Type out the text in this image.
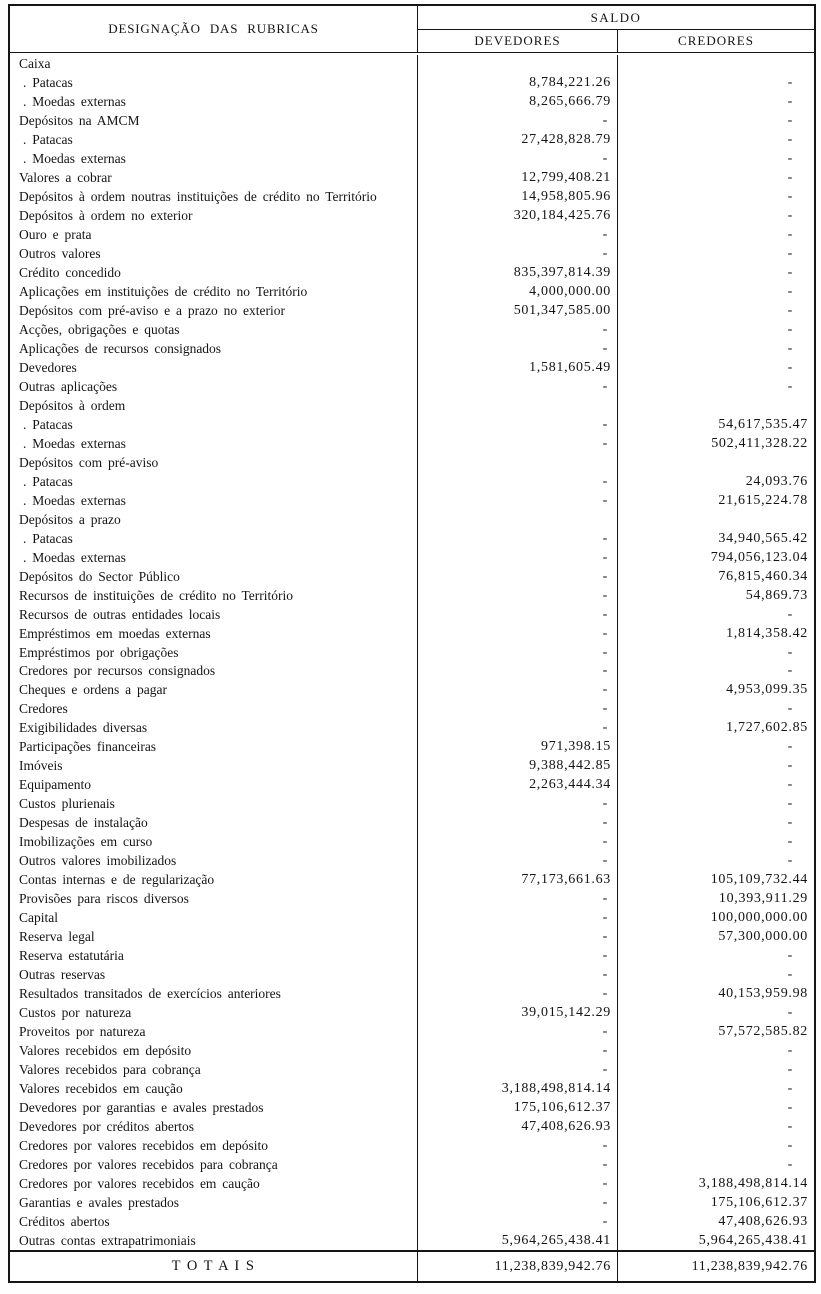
DESIGNAÇÃO DAS RUBRICAS
SALDO
DEVEDORES	CREDORES
Caixa
. Patacas	8,784,221.26	-
. Moedas externas	8,265,666.79	-
Depósitos na AMCM	-	-
. Patacas	27,428,828.79	-
. Moedas externas	-	-
Valores a cobrar	12,799,408.21	-
Depósitos à ordem noutras instituições de crédito no Território	14,958,805.96	-
Depósitos à ordem no exterior	320,184,425.76	-
Ouro e prata	-	-
Outros valores	-	-
Crédito concedido	835,397,814.39	-
Aplicações em instituições de crédito no Território	4,000,000.00	-
Depósitos com pré-aviso e a prazo no exterior	501,347,585.00	-
Acções, obrigações e quotas	-	-
Aplicações de recursos consignados	-	-
Devedores	1,581,605.49	-
Outras aplicações	-	-
Depósitos à ordem
. Patacas	-	54,617,535.47
. Moedas externas	-	502,411,328.22
Depósitos com pré-aviso
. Patacas	-	24,093.76
. Moedas externas	-	21,615,224.78
Depósitos a prazo
. Patacas	-	34,940,565.42
. Moedas externas	-	794,056,123.04
Depósitos do Sector Público	-	76,815,460.34
Recursos de instituições de crédito no Território	-	54,869.73
Recursos de outras entidades locais	-	-
Empréstimos em moedas externas	-	1,814,358.42
Empréstimos por obrigações	-	-
Credores por recursos consignados	-	-
Cheques e ordens a pagar	-	4,953,099.35
Credores	-	-
Exigibilidades diversas	-	1,727,602.85
Participações financeiras	971,398.15	-
Imóveis	9,388,442.85	-
Equipamento	2,263,444.34	-
Custos plurienais	-	-
Despesas de instalação	-	-
Imobilizações em curso	-	-
Outros valores imobilizados	-	-
Contas internas e de regularização	77,173,661.63	105,109,732.44
Provisões para riscos diversos	-	10,393,911.29
Capital	-	100,000,000.00
Reserva legal	-	57,300,000.00
Reserva estatutária	-	-
Outras reservas	-	-
Resultados transitados de exercícios anteriores	-	40,153,959.98
Custos por natureza	39,015,142.29	-
Proveitos por natureza	-	57,572,585.82
Valores recebidos em depósito	-	-
Valores recebidos para cobrança	-	-
Valores recebidos em caução	3,188,498,814.14	-
Devedores por garantias e avales prestados	175,106,612.37	-
Devedores por créditos abertos	47,408,626.93	-
Credores por valores recebidos em depósito	-	-
Credores por valores recebidos para cobrança	-	-
Credores por valores recebidos em caução	-	3,188,498,814.14
Garantias e avales prestados	-	175,106,612.37
Créditos abertos	-	47,408,626.93
Outras contas extrapatrimoniais	5,964,265,438.41	5,964,265,438.41
T O T A I S	11,238,839,942.76	11,238,839,942.76
